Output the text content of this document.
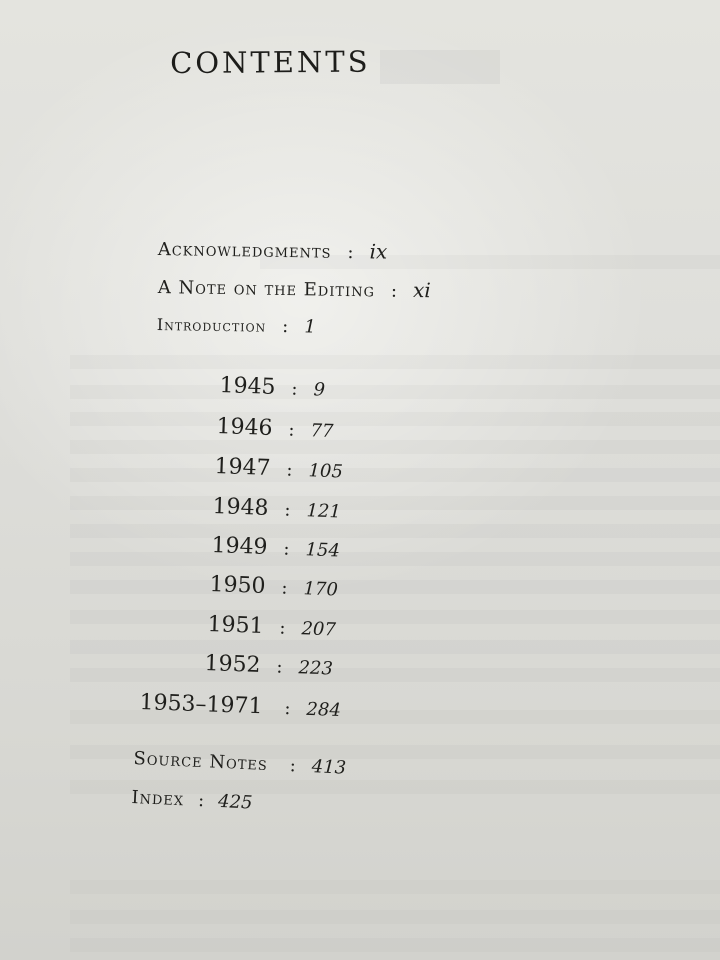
CONTENTS
Acknowledgments : ix
A Note on the Editing : xi
Introduction : 1
1945 : 9
1946 : 77
1947 : 105
1948 : 121
1949 : 154
1950 : 170
1951 : 207
1952 : 223
1953–1971 : 284
Source Notes : 413
Index : 425
